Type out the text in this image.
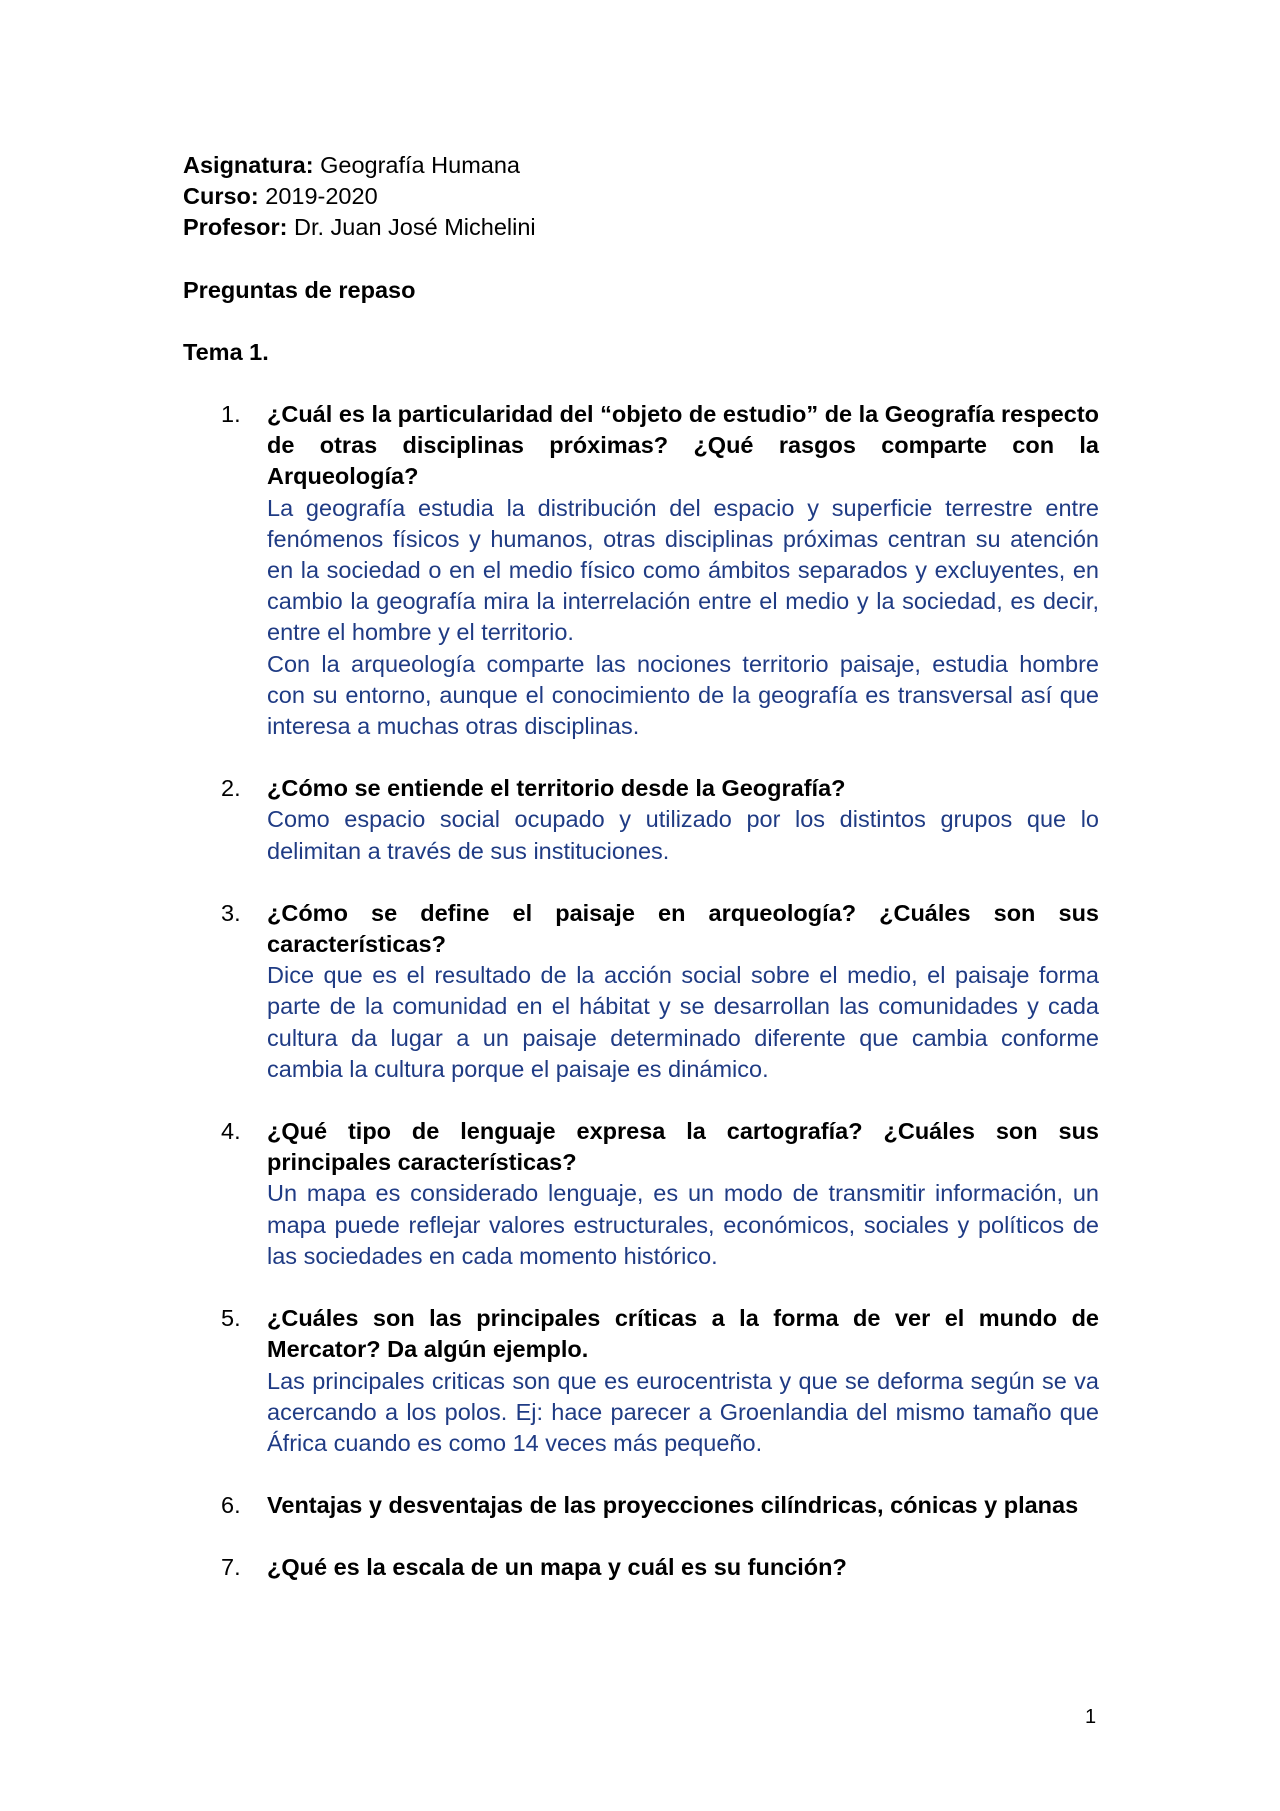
Asignatura: Geografía Humana

Curso: 2019-2020

Profesor: Dr. Juan José Michelini

Preguntas de repaso

Tema 1.

1. ¿Cuál es la particularidad del “objeto de estudio” de la Geografía respecto de otras disciplinas próximas? ¿Qué rasgos comparte con la Arqueología?

La geografía estudia la distribución del espacio y superficie terrestre entre fenómenos físicos y humanos, otras disciplinas próximas centran su atención en la sociedad o en el medio físico como ámbitos separados y excluyentes, en cambio la geografía mira la interrelación entre el medio y la sociedad, es decir, entre el hombre y el territorio.

Con la arqueología comparte las nociones territorio paisaje, estudia hombre con su entorno, aunque el conocimiento de la geografía es transversal así que interesa a muchas otras disciplinas.

2. ¿Cómo se entiende el territorio desde la Geografía?

Como espacio social ocupado y utilizado por los distintos grupos que lo delimitan a través de sus instituciones.

3. ¿Cómo se define el paisaje en arqueología? ¿Cuáles son sus características?

Dice que es el resultado de la acción social sobre el medio, el paisaje forma parte de la comunidad en el hábitat y se desarrollan las comunidades y cada cultura da lugar a un paisaje determinado diferente que cambia conforme cambia la cultura porque el paisaje es dinámico.

4. ¿Qué tipo de lenguaje expresa la cartografía? ¿Cuáles son sus principales características?

Un mapa es considerado lenguaje, es un modo de transmitir información, un mapa puede reflejar valores estructurales, económicos, sociales y políticos de las sociedades en cada momento histórico.

5. ¿Cuáles son las principales críticas a la forma de ver el mundo de Mercator? Da algún ejemplo.

Las principales criticas son que es eurocentrista y que se deforma según se va acercando a los polos. Ej: hace parecer a Groenlandia del mismo tamaño que África cuando es como 14 veces más pequeño.

6. Ventajas y desventajas de las proyecciones cilíndricas, cónicas y planas

7. ¿Qué es la escala de un mapa y cuál es su función?

1
